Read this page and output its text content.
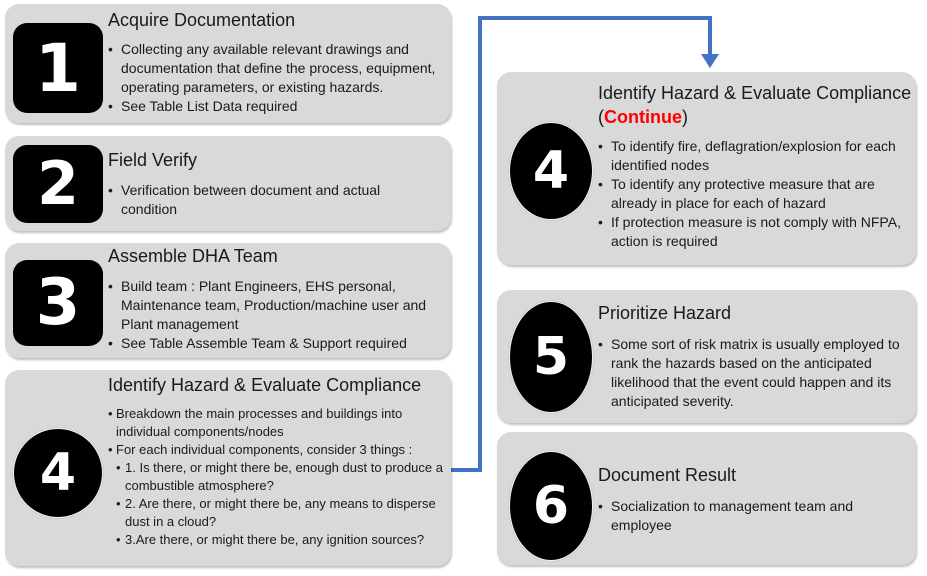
1
Acquire Documentation
• Collecting any available relevant drawings and documentation that define the process, equipment, operating parameters, or existing hazards.
• See Table List Data required
2	Field Verify
• Verification between document and actual condition
3
Assemble DHA Team
• Build team : Plant Engineers, EHS personal, Maintenance team, Production/machine user and Plant management
• See Table Assemble Team & Support required
4
Identify Hazard & Evaluate Compliance
• Breakdown the main processes and buildings into individual components/nodes
• For each individual components, consider 3 things :
• 1. Is there, or might there be, enough dust to produce a combustible atmosphere?
• 2. Are there, or might there be, any means to disperse dust in a cloud?
• 3.Are there, or might there be, any ignition sources?
4
Identify Hazard & Evaluate Compliance
(Continue)
• To identify fire, deflagration/explosion for each identified nodes
• To identify any protective measure that are already in place for each of hazard
• If protection measure is not comply with NFPA, action is required
5
Prioritize Hazard
• Some sort of risk matrix is usually employed to rank the hazards based on the anticipated likelihood that the event could happen and its anticipated severity.
6
Document Result
• Socialization to management team and employee
